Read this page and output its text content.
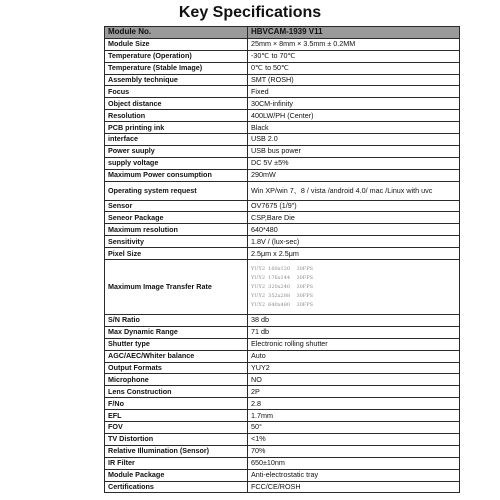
Key Specifications
Module No.	HBVCAM-1939 V11
Module Size	25mm × 8mm × 3.5mm ± 0.2MM
Temperature (Operation)	-30℃ to 70℃
Temperature (Stable Image)	0℃ to 50℃
Assembly technique	SMT (ROSH)
Focus	Fixed
Object distance	30CM-infinity
Resolution	400LW/PH (Center)
PCB printing ink	Black
interface	USB 2.0
Power suuply	USB bus power
supply voltage	DC 5V ±5%
Maximum Power consumption	290mW
Operating system request	Win XP/win 7、8 / vista /android 4.0/ mac /Linux with uvc
Sensor	OV7675 (1/9")
Seneor Package	CSP,Bare Die
Maximum resolution	640*480
Sensitivity	1.8V / (lux-sec)
Pixel Size	2.5μm x 2.5μm
Maximum Image Transfer Rate	YUY2  160x120    30FPS
YUY2  176x144    30FPS
YUY2  320x240    30FPS
YUY2  352x288    30FPS
YUY2  640x480    30FPS

S/N Ratio	38 db
Max Dynamic Range	71 db
Shutter type	Electronic rolling shutter
AGC/AEC/Whiter balance	Auto
Output Formats	YUY2
Microphone	NO
Lens Construction	2P
F/No	2.8
EFL	1.7mm
FOV	50°
TV Distortion	<1%
Relative Illumination (Sensor)	70%
IR Filter	650±10nm
Module Package	Anti-electrostatic tray
Certifications	FCC/CE/ROSH
